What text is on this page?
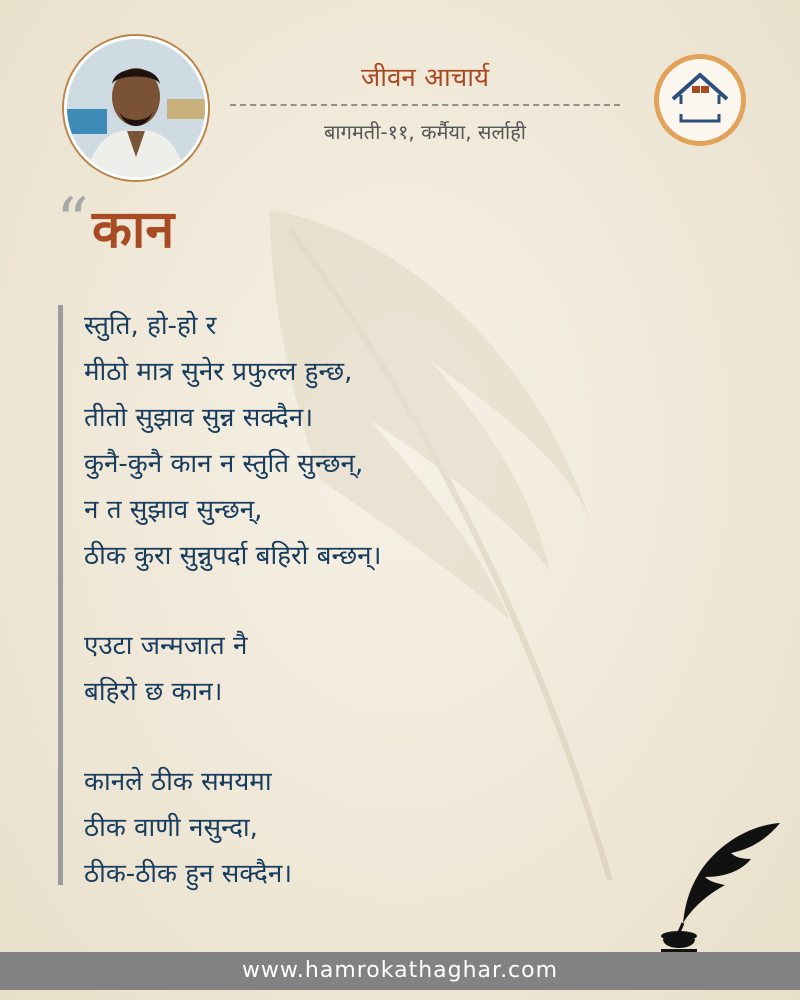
जीवन आचार्य
बागमती-११, कर्मैया, सर्लाही
“ कान
स्तुति, हो-हो र
मीठो मात्र सुनेर प्रफुल्ल हुन्छ,
तीतो सुझाव सुन्न सक्दैन।
कुनै-कुनै कान न स्तुति सुन्छन्,
न त सुझाव सुन्छन्,
ठीक कुरा सुन्नुपर्दा बहिरो बन्छन्।
एउटा जन्मजात नै
बहिरो छ कान।
कानले ठीक समयमा
ठीक वाणी नसुन्दा,
ठीक-ठीक हुन सक्दैन।
www.hamrokathaghar.com
